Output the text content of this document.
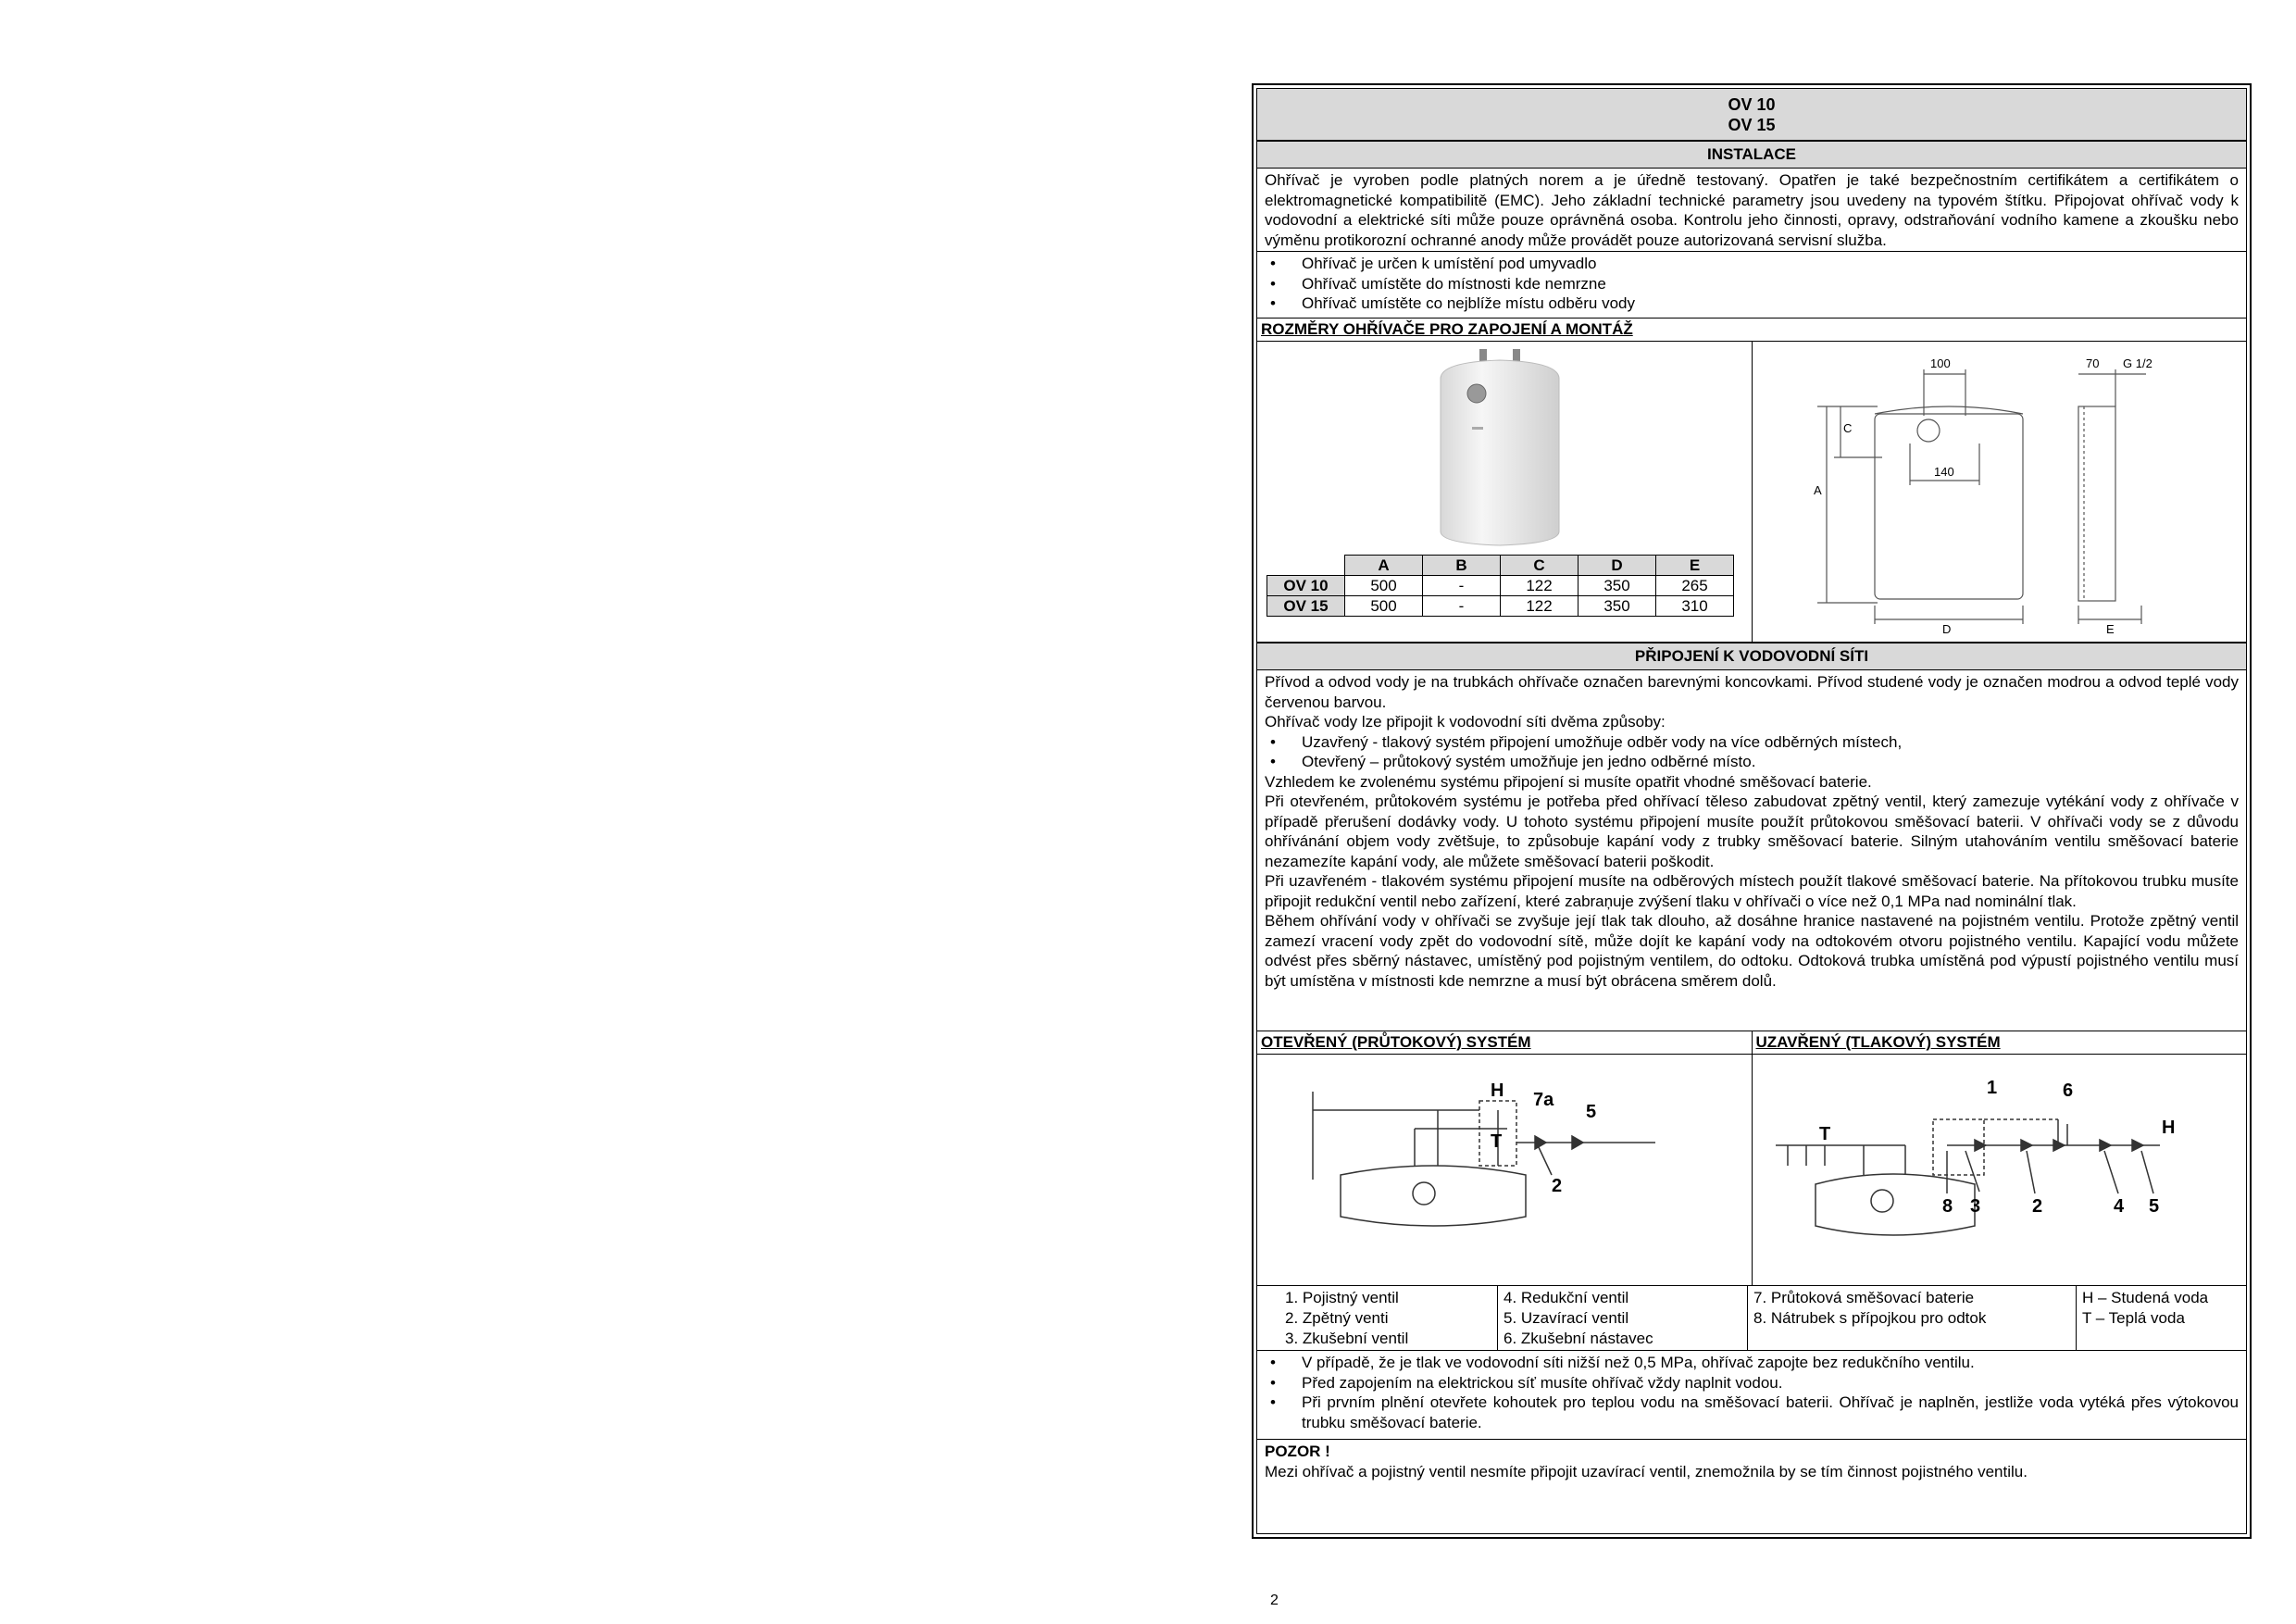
OV 10
OV 15
INSTALACE
Ohřívač je vyroben podle platných norem a je úředně testovaný. Opatřen je také bezpečnostním certifikátem a certifikátem o elektromagnetické kompatibilitě (EMC). Jeho základní technické parametry jsou uvedeny na typovém štítku. Připojovat ohřívač vody k vodovodní a elektrické síti může pouze oprávněná osoba. Kontrolu jeho činnosti, opravy, odstraňování vodního kamene a zkoušku nebo výměnu protikorozní ochranné anody může provádět pouze autorizovaná servisní služba.
• Ohřívač je určen k umístění pod umyvadlo
• Ohřívač umístěte do místnosti kde nemrzne
• Ohřívač umístěte co nejblíže místu odběru vody
ROZMĚRY OHŘÍVAČE PRO ZAPOJENÍ A MONTÁŽ
	A	B	C	D	E
OV 10	500	-	122	350	265
OV 15	500	-	122	350	310
100	70 G 1/2
140
C
A
D	E
PŘIPOJENÍ K VODOVODNÍ SÍTI
Přívod a odvod vody je na trubkách ohřívače označen barevnými koncovkami. Přívod studené vody je označen modrou a odvod teplé vody červenou barvou.
Ohřívač vody lze připojit k vodovodní síti dvěma způsoby:
• Uzavřený - tlakový systém připojení umožňuje odběr vody na více odběrných místech,
• Otevřený – průtokový systém umožňuje jen jedno odběrné místo.
Vzhledem ke zvolenému systému připojení si musíte opatřit vhodné směšovací baterie.
Při otevřeném, průtokovém systému je potřeba před ohřívací těleso zabudovat zpětný ventil, který zamezuje vytékání vody z ohřívače v případě přerušení dodávky vody. U tohoto systému připojení musíte použít průtokovou směšovací baterii. V ohřívači vody se z důvodu ohřívánání objem vody zvětšuje, to způsobuje kapání vody z trubky směšovací baterie. Silným utahováním ventilu směšovací baterie nezamezíte kapání vody, ale můžete směšovací baterii poškodit.
Při uzavřeném - tlakovém systému připojení musíte na odběrových místech použít tlakové směšovací baterie. Na přítokovou trubku musíte připojit redukční ventil nebo zařízení, které zabraņuje zvýšení tlaku v ohřívači o více než 0,1 MPa nad nominální tlak.
Během ohřívání vody v ohřívači se zvyšuje její tlak tak dlouho, až dosáhne hranice nastavené na pojistném ventilu. Protože zpětný ventil zamezí vracení vody zpět do vodovodní sítě, může dojít ke kapání vody na odtokovém otvoru pojistného ventilu. Kapající vodu můžete odvést přes sběrný nástavec, umístěný pod pojistným ventilem, do odtoku. Odtoková trubka umístěná pod výpustí pojistného ventilu musí být umístěna v místnosti kde nemrzne a musí být obrácena směrem dolů.
OTEVŘENÝ (PRŮTOKOVÝ) SYSTÉM	UZAVŘENÝ (TLAKOVÝ) SYSTÉM
H
T
7a
5
2
T	H
1	6
8 3	2	4 5
1. Pojistný ventil
2. Zpětný venti
3. Zkušební ventil
4. Redukční ventil
5. Uzavírací ventil
6. Zkušební nástavec
7. Průtoková směšovací baterie
8. Nátrubek s přípojkou pro odtok
H – Studená voda
T – Teplá voda
• V případě, že je tlak ve vodovodní síti nižší než 0,5 MPa, ohřívač zapojte bez redukčního ventilu.
• Před zapojením na elektrickou síť musíte ohřívač vždy naplnit vodou.
• Při prvním plnění otevřete kohoutek pro teplou vodu na směšovací baterii. Ohřívač je naplněn, jestliže voda vytéká přes výtokovou trubku směšovací baterie.
POZOR !
Mezi ohřívač a pojistný ventil nesmíte připojit uzavírací ventil, znemožnila by se tím činnost pojistného ventilu.
2
